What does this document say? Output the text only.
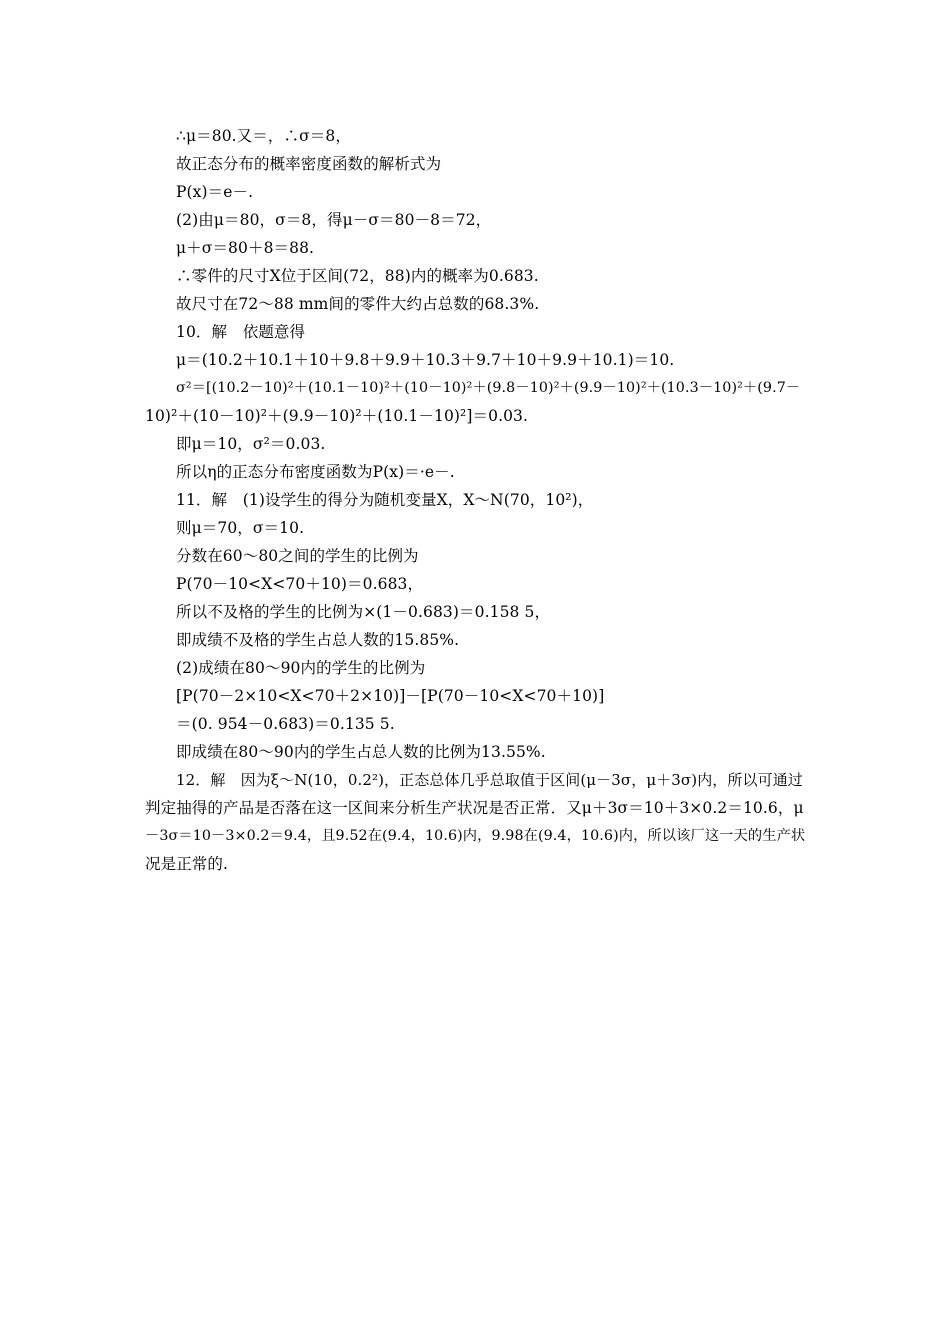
∴μ＝80.又＝，∴σ＝8，
故正态分布的概率密度函数的解析式为
P(x)＝e－.
(2)由μ＝80，σ＝8，得μ－σ＝80－8＝72，
μ＋σ＝80＋8＝88.
∴零件的尺寸X位于区间(72，88)内的概率为0.683.
故尺寸在72～88 mm间的零件大约占总数的68.3%.
10．解　依题意得
μ＝(10.2＋10.1＋10＋9.8＋9.9＋10.3＋9.7＋10＋9.9＋10.1)＝10.
σ²＝[(10.2－10)²＋(10.1－10)²＋(10－10)²＋(9.8－10)²＋(9.9－10)²＋(10.3－10)²＋(9.7－
10)²＋(10－10)²＋(9.9－10)²＋(10.1－10)²]＝0.03.
即μ＝10，σ²＝0.03.
所以η的正态分布密度函数为P(x)＝·e－.
11．解　(1)设学生的得分为随机变量X，X～N(70，10²)，
则μ＝70，σ＝10.
分数在60～80之间的学生的比例为
P(70－10<X<70＋10)＝0.683，
所以不及格的学生的比例为×(1－0.683)＝0.158 5，
即成绩不及格的学生占总人数的15.85%.
(2)成绩在80～90内的学生的比例为
[P(70－2×10<X<70＋2×10)]－[P(70－10<X<70＋10)]
＝(0. 954－0.683)＝0.135 5.
即成绩在80～90内的学生占总人数的比例为13.55%.
12．解　因为ξ～N(10，0.2²)，正态总体几乎总取值于区间(μ－3σ，μ＋3σ)内，所以可通过
判定抽得的产品是否落在这一区间来分析生产状况是否正常．又μ＋3σ＝10＋3×0.2＝10.6，μ
－3σ＝10－3×0.2＝9.4，且9.52在(9.4，10.6)内，9.98在(9.4，10.6)内，所以该厂这一天的生产状
况是正常的.
